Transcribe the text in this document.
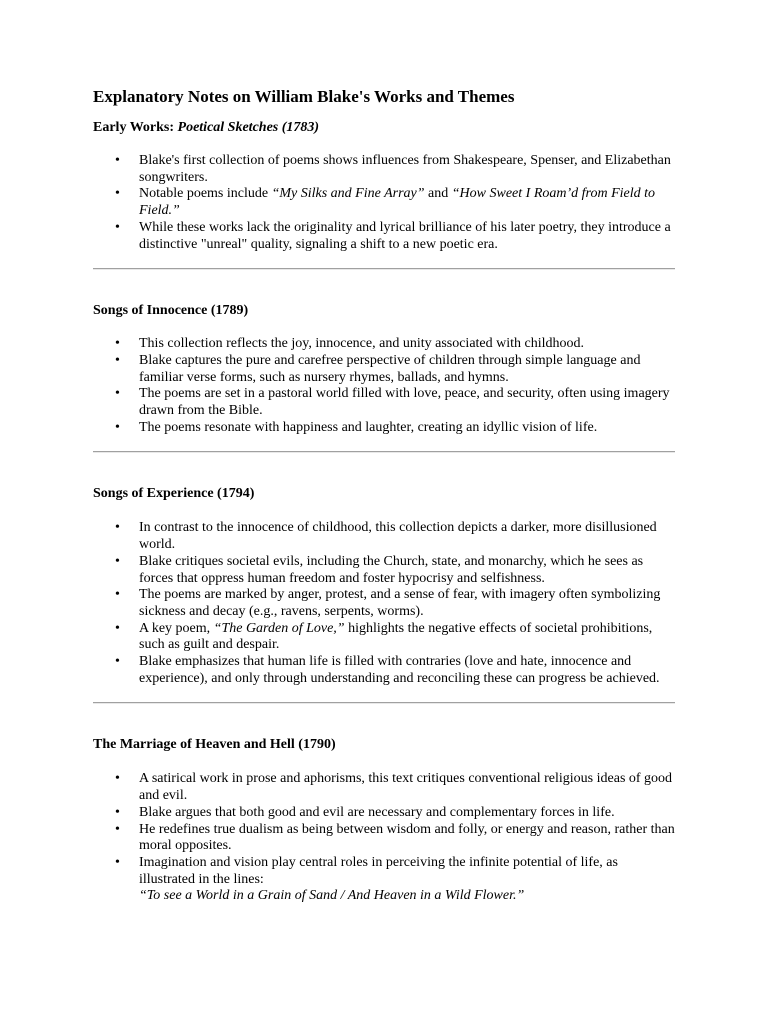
Explanatory Notes on William Blake's Works and Themes

Early Works: Poetical Sketches (1783)

• Blake's first collection of poems shows influences from Shakespeare, Spenser, and Elizabethan songwriters.
• Notable poems include “My Silks and Fine Array” and “How Sweet I Roam’d from Field to Field.”
• While these works lack the originality and lyrical brilliance of his later poetry, they introduce a distinctive "unreal" quality, signaling a shift to a new poetic era.

Songs of Innocence (1789)

• This collection reflects the joy, innocence, and unity associated with childhood.
• Blake captures the pure and carefree perspective of children through simple language and familiar verse forms, such as nursery rhymes, ballads, and hymns.
• The poems are set in a pastoral world filled with love, peace, and security, often using imagery drawn from the Bible.
• The poems resonate with happiness and laughter, creating an idyllic vision of life.

Songs of Experience (1794)

• In contrast to the innocence of childhood, this collection depicts a darker, more disillusioned world.
• Blake critiques societal evils, including the Church, state, and monarchy, which he sees as forces that oppress human freedom and foster hypocrisy and selfishness.
• The poems are marked by anger, protest, and a sense of fear, with imagery often symbolizing sickness and decay (e.g., ravens, serpents, worms).
• A key poem, “The Garden of Love,” highlights the negative effects of societal prohibitions, such as guilt and despair.
• Blake emphasizes that human life is filled with contraries (love and hate, innocence and experience), and only through understanding and reconciling these can progress be achieved.

The Marriage of Heaven and Hell (1790)

• A satirical work in prose and aphorisms, this text critiques conventional religious ideas of good and evil.
• Blake argues that both good and evil are necessary and complementary forces in life.
• He redefines true dualism as being between wisdom and folly, or energy and reason, rather than moral opposites.
• Imagination and vision play central roles in perceiving the infinite potential of life, as illustrated in the lines:
“To see a World in a Grain of Sand / And Heaven in a Wild Flower.”
